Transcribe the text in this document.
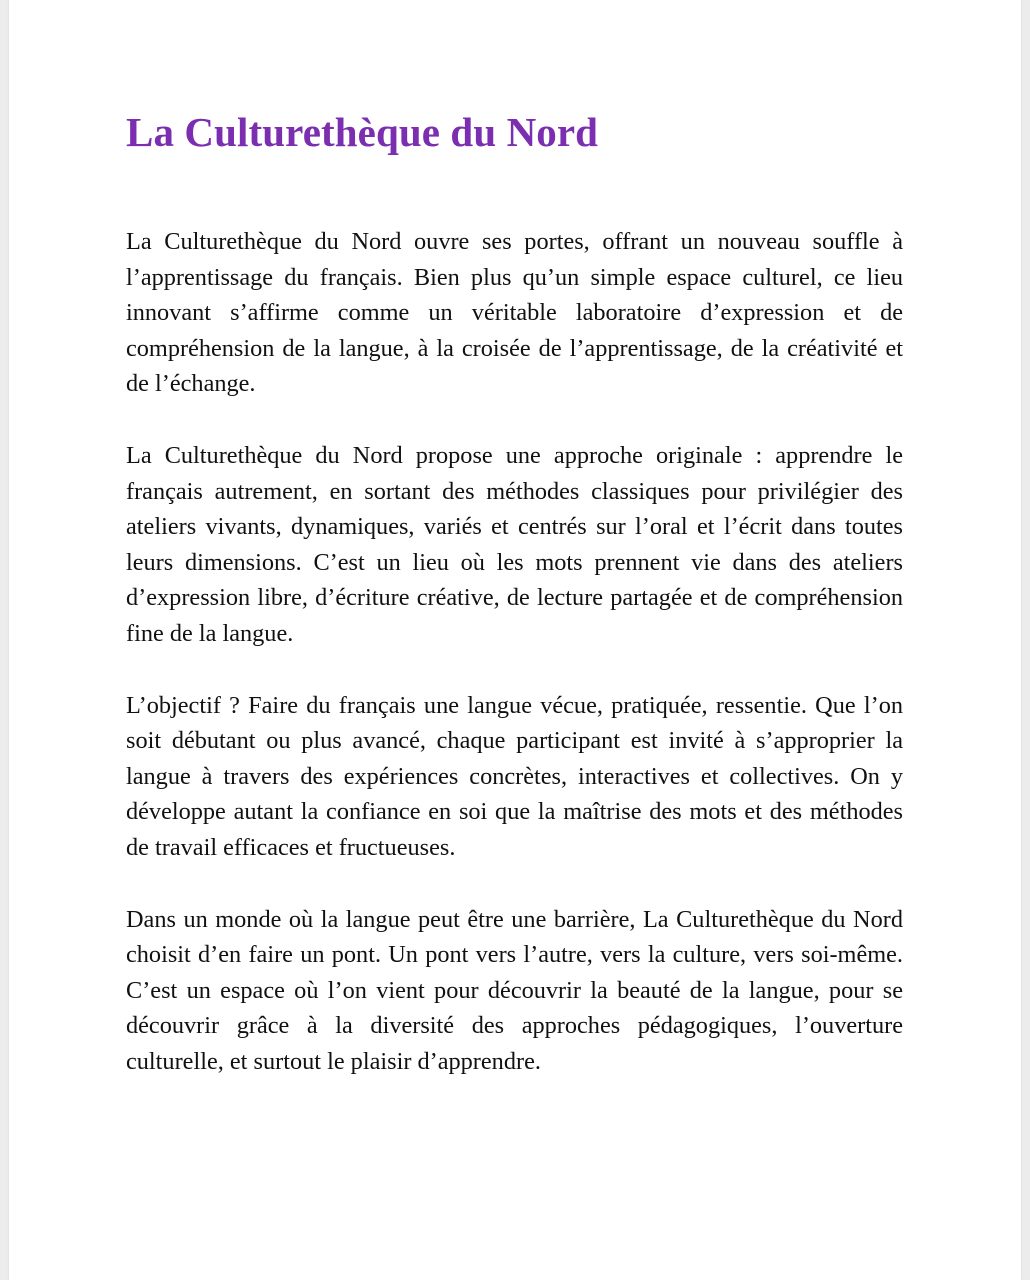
La Culturethèque du Nord

La Culturethèque du Nord ouvre ses portes, offrant un nouveau souffle à l’apprentissage du français. Bien plus qu’un simple espace culturel, ce lieu innovant s’affirme comme un véritable laboratoire d’expression et de compréhension de la langue, à la croisée de l’apprentissage, de la créativité et de l’échange.

La Culturethèque du Nord propose une approche originale : apprendre le français autrement, en sortant des méthodes classiques pour privilégier des ateliers vivants, dynamiques, variés et centrés sur l’oral et l’écrit dans toutes leurs dimensions. C’est un lieu où les mots prennent vie dans des ateliers d’expression libre, d’écriture créative, de lecture partagée et de compréhension fine de la langue.

L’objectif ? Faire du français une langue vécue, pratiquée, ressentie. Que l’on soit débutant ou plus avancé, chaque participant est invité à s’approprier la langue à travers des expériences concrètes, interactives et collectives. On y développe autant la confiance en soi que la maîtrise des mots et des méthodes de travail efficaces et fructueuses.

Dans un monde où la langue peut être une barrière, La Culturethèque du Nord choisit d’en faire un pont. Un pont vers l’autre, vers la culture, vers soi-même. C’est un espace où l’on vient pour découvrir la beauté de la langue, pour se découvrir grâce à la diversité des approches pédagogiques, l’ouverture culturelle, et surtout le plaisir d’apprendre.
